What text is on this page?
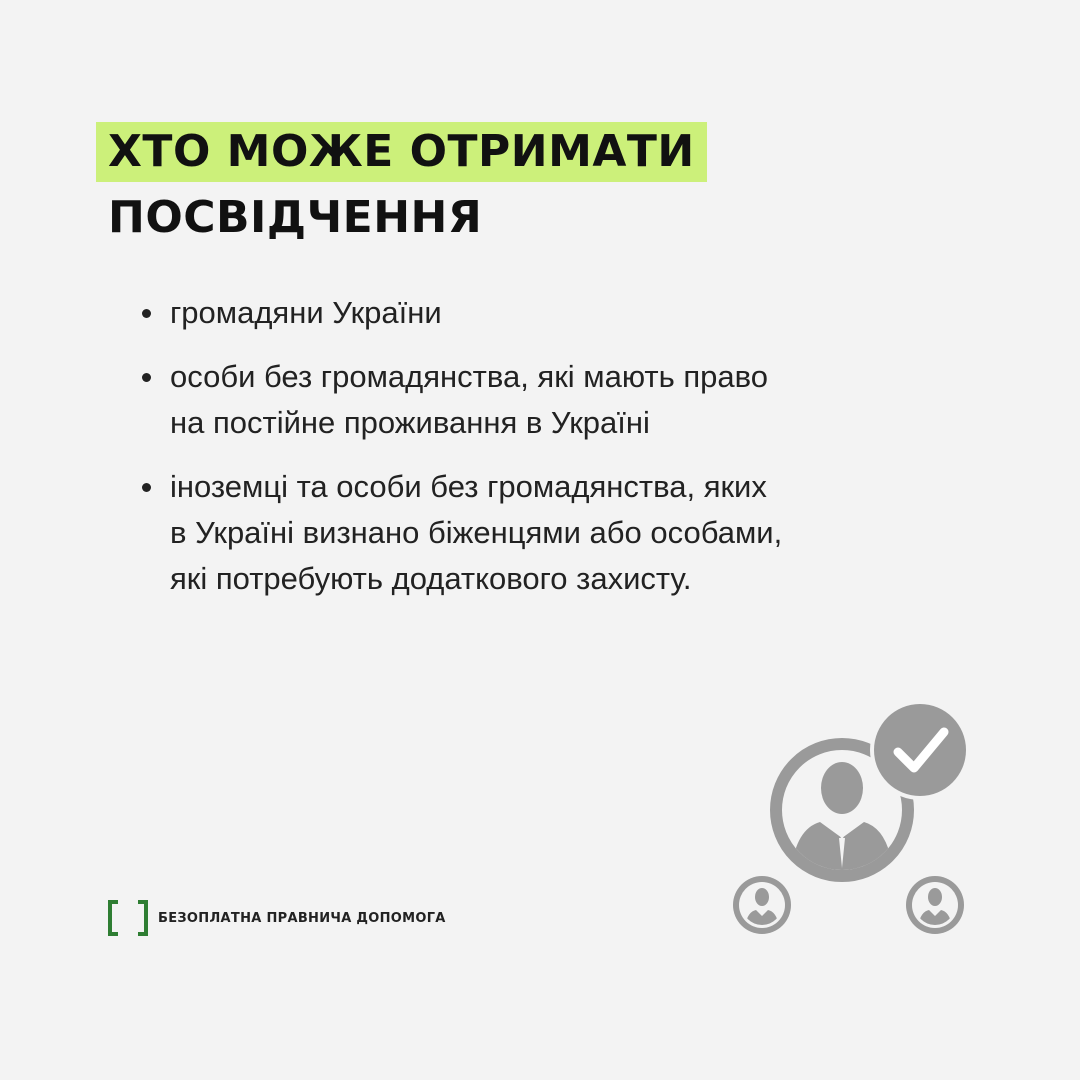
ХТО МОЖЕ ОТРИМАТИ
ПОСВІДЧЕННЯ
громадяни України
особи без громадянства, які мають право
на постійне проживання в Україні
іноземці та особи без громадянства, яких
в Україні визнано біженцями або особами,
які потребують додаткового захисту.
БЕЗОПЛАТНА ПРАВНИЧА ДОПОМОГА
